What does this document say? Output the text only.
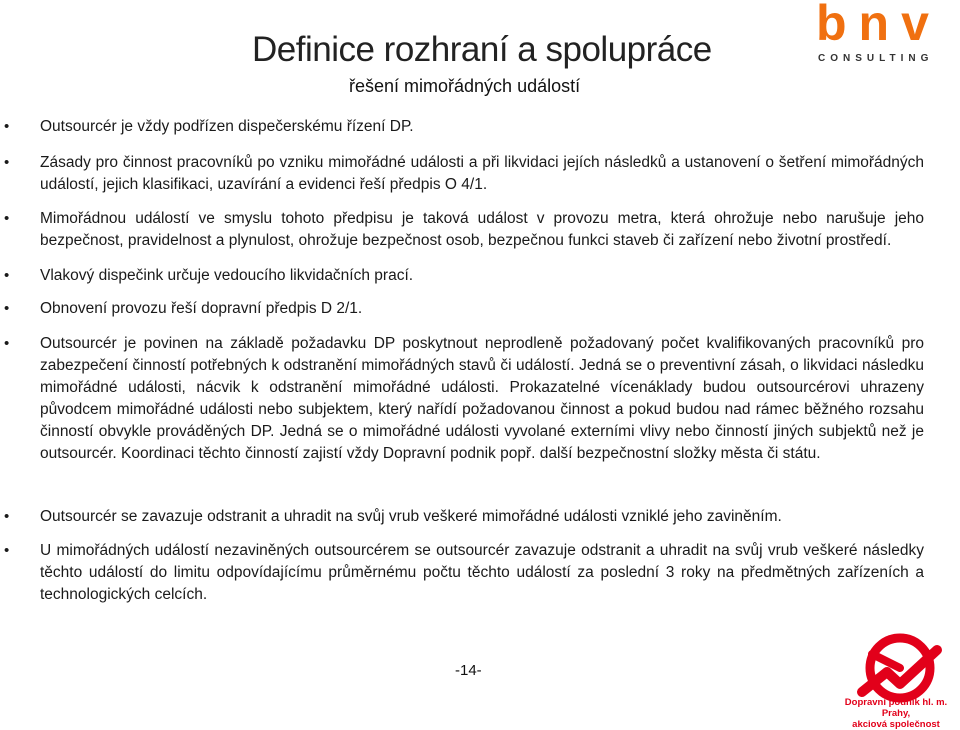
Definice rozhraní a spolupráce
řešení mimořádných událostí
bnv
CONSULTING
• Outsourcér je vždy podřízen dispečerskému řízení DP.
• Zásady pro činnost pracovníků po vzniku mimořádné události a při likvidaci jejích následků a ustanovení o šetření mimořádných událostí, jejich klasifikaci, uzavírání a evidenci řeší předpis O 4/1.
• Mimořádnou událostí ve smyslu tohoto předpisu je taková událost v provozu metra, která ohrožuje nebo narušuje jeho bezpečnost, pravidelnost a plynulost, ohrožuje bezpečnost osob, bezpečnou funkci staveb či zařízení nebo životní prostředí.
• Vlakový dispečink určuje vedoucího likvidačních prací.
• Obnovení provozu řeší dopravní předpis D 2/1.
• Outsourcér je povinen na základě požadavku DP poskytnout neprodleně požadovaný počet kvalifikovaných pracovníků pro zabezpečení činností potřebných k odstranění mimořádných stavů či událostí. Jedná se o preventivní zásah, o likvidaci následku mimořádné události, nácvik k odstranění mimořádné události. Prokazatelné vícenáklady budou outsourcérovi uhrazeny původcem mimořádné události nebo subjektem, který nařídí požadovanou činnost a pokud budou nad rámec běžného rozsahu činností obvykle prováděných DP. Jedná se o mimořádné události vyvolané externími vlivy nebo činností jiných subjektů než je outsourcér. Koordinaci těchto činností zajistí vždy Dopravní podnik popř. další bezpečnostní složky města či státu.
• Outsourcér se zavazuje odstranit a uhradit na svůj vrub veškeré mimořádné události vzniklé jeho zaviněním.
• U mimořádných událostí nezaviněných outsourcérem se outsourcér zavazuje odstranit a uhradit na svůj vrub veškeré následky těchto událostí do limitu odpovídajícímu průměrnému počtu těchto událostí za poslední 3 roky na předmětných zařízeních a technologických celcích.
-14-
Dopravní podnik hl. m. Prahy,
akciová společnost
